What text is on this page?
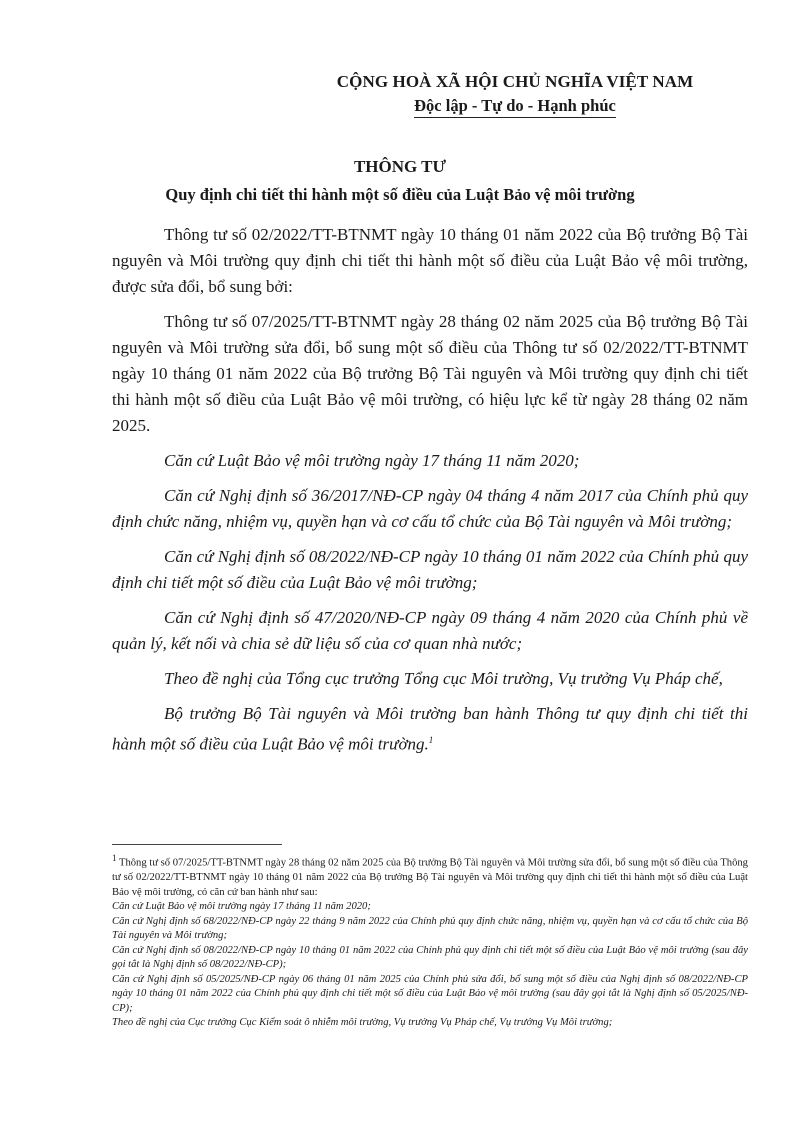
CỘNG HOÀ XÃ HỘI CHỦ NGHĨA VIỆT NAM
Độc lập - Tự do - Hạnh phúc
THÔNG TƯ
Quy định chi tiết thi hành một số điều của Luật Bảo vệ môi trường

Thông tư số 02/2022/TT-BTNMT ngày 10 tháng 01 năm 2022 của Bộ trưởng Bộ Tài nguyên và Môi trường quy định chi tiết thi hành một số điều của Luật Bảo vệ môi trường, được sửa đổi, bổ sung bởi:

Thông tư số 07/2025/TT-BTNMT ngày 28 tháng 02 năm 2025 của Bộ trưởng Bộ Tài nguyên và Môi trường sửa đổi, bổ sung một số điều của Thông tư số 02/2022/TT-BTNMT ngày 10 tháng 01 năm 2022 của Bộ trưởng Bộ Tài nguyên và Môi trường quy định chi tiết thi hành một số điều của Luật Bảo vệ môi trường, có hiệu lực kể từ ngày 28 tháng 02 năm 2025.

Căn cứ Luật Bảo vệ môi trường ngày 17 tháng 11 năm 2020;

Căn cứ Nghị định số 36/2017/NĐ-CP ngày 04 tháng 4 năm 2017 của Chính phủ quy định chức năng, nhiệm vụ, quyền hạn và cơ cấu tổ chức của Bộ Tài nguyên và Môi trường;

Căn cứ Nghị định số 08/2022/NĐ-CP ngày 10 tháng 01 năm 2022 của Chính phủ quy định chi tiết một số điều của Luật Bảo vệ môi trường;

Căn cứ Nghị định số 47/2020/NĐ-CP ngày 09 tháng 4 năm 2020 của Chính phủ về quản lý, kết nối và chia sẻ dữ liệu số của cơ quan nhà nước;

Theo đề nghị của Tổng cục trưởng Tổng cục Môi trường, Vụ trưởng Vụ Pháp chế,

Bộ trưởng Bộ Tài nguyên và Môi trường ban hành Thông tư quy định chi tiết thi hành một số điều của Luật Bảo vệ môi trường.$^1$

$^1$ Thông tư số 07/2025/TT-BTNMT ngày 28 tháng 02 năm 2025 của Bộ trưởng Bộ Tài nguyên và Môi trường sửa đổi, bổ sung một số điều của Thông tư số 02/2022/TT-BTNMT ngày 10 tháng 01 năm 2022 của Bộ trưởng Bộ Tài nguyên và Môi trường quy định chi tiết thi hành một số điều của Luật Bảo vệ môi trường, có căn cứ ban hành như sau:

Căn cứ Luật Bảo vệ môi trường ngày 17 tháng 11 năm 2020;

Căn cứ Nghị định số 68/2022/NĐ-CP ngày 22 tháng 9 năm 2022 của Chính phủ quy định chức năng, nhiệm vụ, quyền hạn và cơ cấu tổ chức của Bộ Tài nguyên và Môi trường;

Căn cứ Nghị định số 08/2022/NĐ-CP ngày 10 tháng 01 năm 2022 của Chính phủ quy định chi tiết một số điều của Luật Bảo vệ môi trường (sau đây gọi tắt là Nghị định số 08/2022/NĐ-CP);

Căn cứ Nghị định số 05/2025/NĐ-CP ngày 06 tháng 01 năm 2025 của Chính phủ sửa đổi, bổ sung một số điều của Nghị định số 08/2022/NĐ-CP ngày 10 tháng 01 năm 2022 của Chính phủ quy định chi tiết một số điều của Luật Bảo vệ môi trường (sau đây gọi tắt là Nghị định số 05/2025/NĐ-CP);

Theo đề nghị của Cục trưởng Cục Kiểm soát ô nhiễm môi trường, Vụ trưởng Vụ Pháp chế, Vụ trưởng Vụ Môi trường;
